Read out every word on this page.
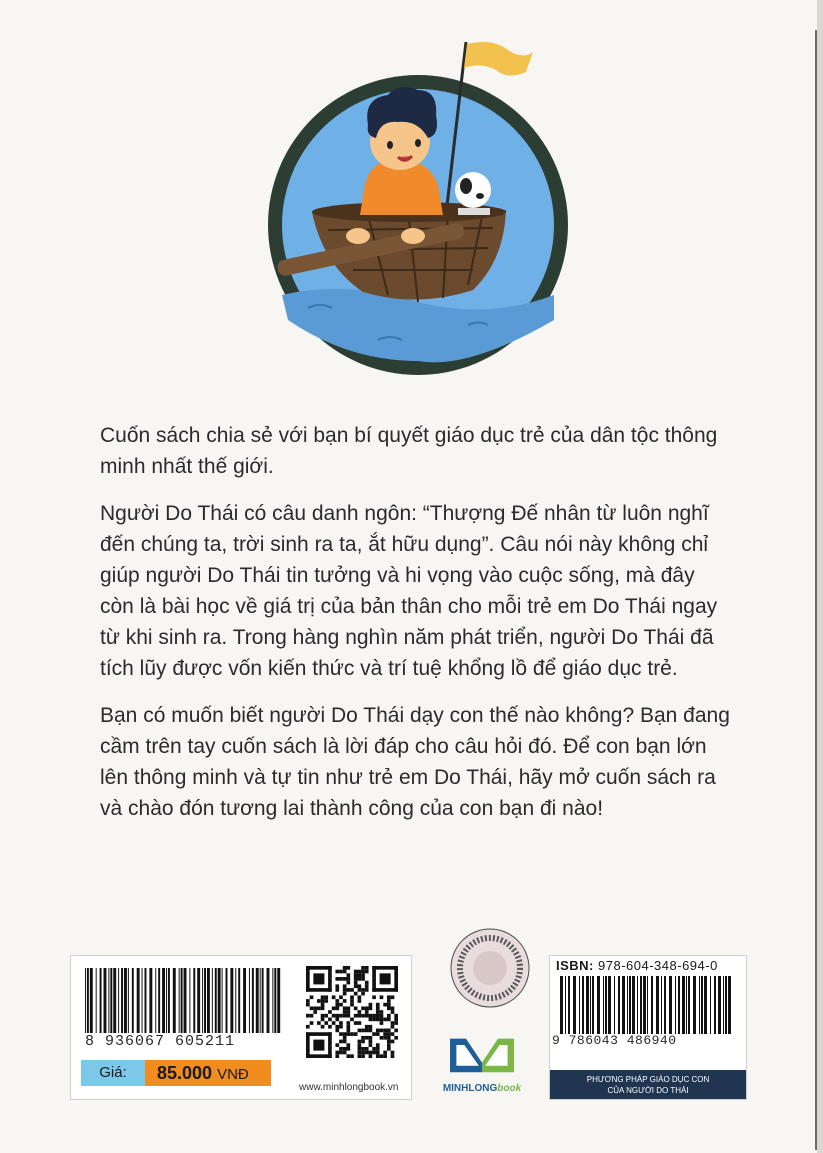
Cuốn sách chia sẻ với bạn bí quyết giáo dục trẻ của dân tộc thông minh nhất thế giới.

Người Do Thái có câu danh ngôn: “Thượng Đế nhân từ luôn nghĩ đến chúng ta, trời sinh ra ta, ắt hữu dụng”. Câu nói này không chỉ giúp người Do Thái tin tưởng và hi vọng vào cuộc sống, mà đây còn là bài học về giá trị của bản thân cho mỗi trẻ em Do Thái ngay từ khi sinh ra. Trong hàng nghìn năm phát triển, người Do Thái đã tích lũy được vốn kiến thức và trí tuệ khổng lồ để giáo dục trẻ.

Bạn có muốn biết người Do Thái dạy con thế nào không? Bạn đang cầm trên tay cuốn sách là lời đáp cho câu hỏi đó. Để con bạn lớn lên thông minh và tự tin như trẻ em Do Thái, hãy mở cuốn sách ra và chào đón tương lai thành công của con bạn đi nào!

8 936067 605211
Giá:	85.000 VNĐ
www.minhlongbook.vn	MINHLONGbook
ISBN: 978-604-348-694-0
9 786043 486940
PHƯƠNG PHÁP GIÁO DỤC CON
CỦA NGƯỜI DO THÁI
